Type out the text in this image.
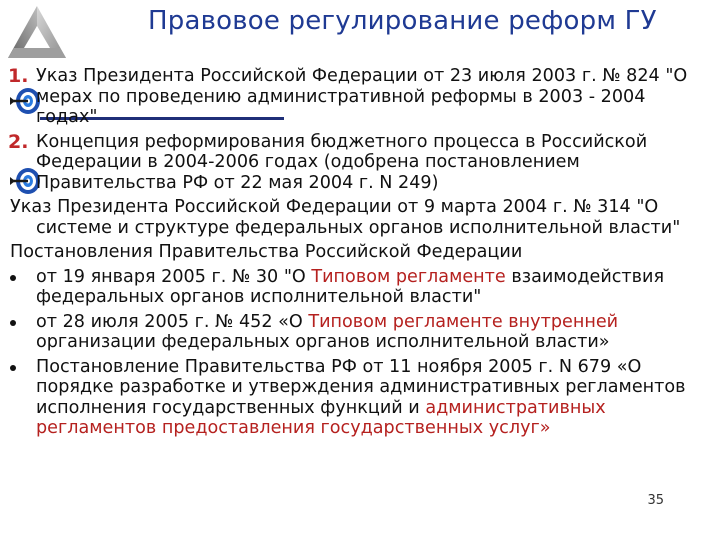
Правовое регулирование реформ ГУ
1. Указ Президента Российской Федерации от 23 июля 2003 г. № 824 "О мерах по проведению административной реформы в 2003 - 2004 годах"
2. Концепция реформирования бюджетного процесса в Российской Федерации в 2004-2006 годах (одобрена постановлением Правительства РФ от 22 мая 2004 г. N 249)
Указ Президента Российской Федерации от 9 марта 2004 г. № 314 "О системе и структуре федеральных органов исполнительной власти"
Постановления Правительства Российской Федерации
от 19 января 2005 г. № 30 "О Типовом регламенте взаимодействия федеральных органов исполнительной власти"
от 28 июля 2005 г. № 452 «О Типовом регламенте внутренней организации федеральных органов исполнительной власти»
Постановление Правительства РФ от 11 ноября 2005 г. N 679 «О порядке разработке и утверждения административных регламентов исполнения государственных функций и административных регламентов предоставления государственных услуг»
35
